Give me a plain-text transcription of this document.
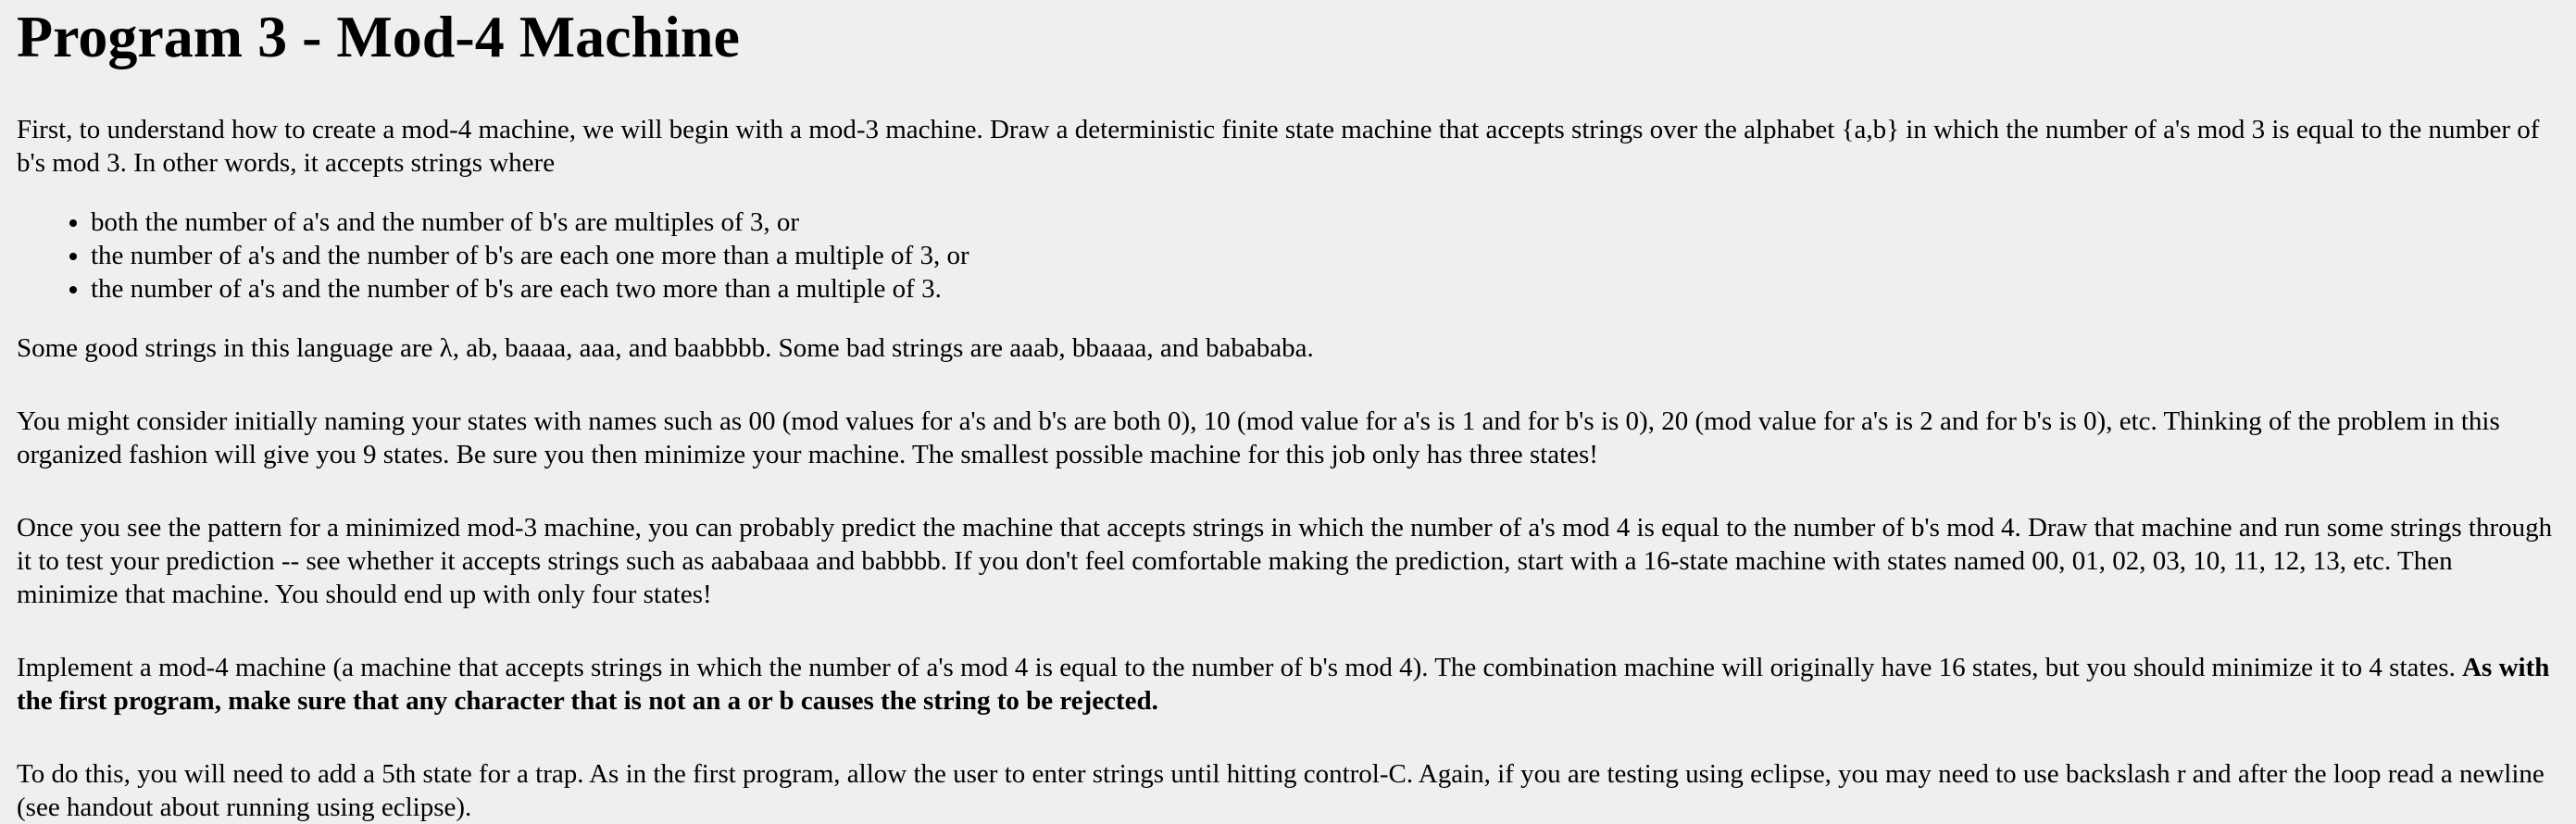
Program 3 - Mod-4 Machine

First, to understand how to create a mod-4 machine, we will begin with a mod-3 machine. Draw a deterministic finite state machine that accepts strings over the alphabet {a,b} in which the number of a's mod 3 is equal to the number of b's mod 3. In other words, it accepts strings where

• both the number of a's and the number of b's are multiples of 3, or
• the number of a's and the number of b's are each one more than a multiple of 3, or
• the number of a's and the number of b's are each two more than a multiple of 3.

Some good strings in this language are λ, ab, baaaa, aaa, and baabbbb. Some bad strings are aaab, bbaaaa, and babababa.

You might consider initially naming your states with names such as 00 (mod values for a's and b's are both 0), 10 (mod value for a's is 1 and for b's is 0), 20 (mod value for a's is 2 and for b's is 0), etc. Thinking of the problem in this organized fashion will give you 9 states. Be sure you then minimize your machine. The smallest possible machine for this job only has three states!

Once you see the pattern for a minimized mod-3 machine, you can probably predict the machine that accepts strings in which the number of a's mod 4 is equal to the number of b's mod 4. Draw that machine and run some strings through it to test your prediction -- see whether it accepts strings such as aababaaa and babbbb. If you don't feel comfortable making the prediction, start with a 16-state machine with states named 00, 01, 02, 03, 10, 11, 12, 13, etc. Then minimize that machine. You should end up with only four states!

Implement a mod-4 machine (a machine that accepts strings in which the number of a's mod 4 is equal to the number of b's mod 4). The combination machine will originally have 16 states, but you should minimize it to 4 states. As with the first program, make sure that any character that is not an a or b causes the string to be rejected.

To do this, you will need to add a 5th state for a trap. As in the first program, allow the user to enter strings until hitting control-C. Again, if you are testing using eclipse, you may need to use backslash r and after the loop read a newline (see handout about running using eclipse).
